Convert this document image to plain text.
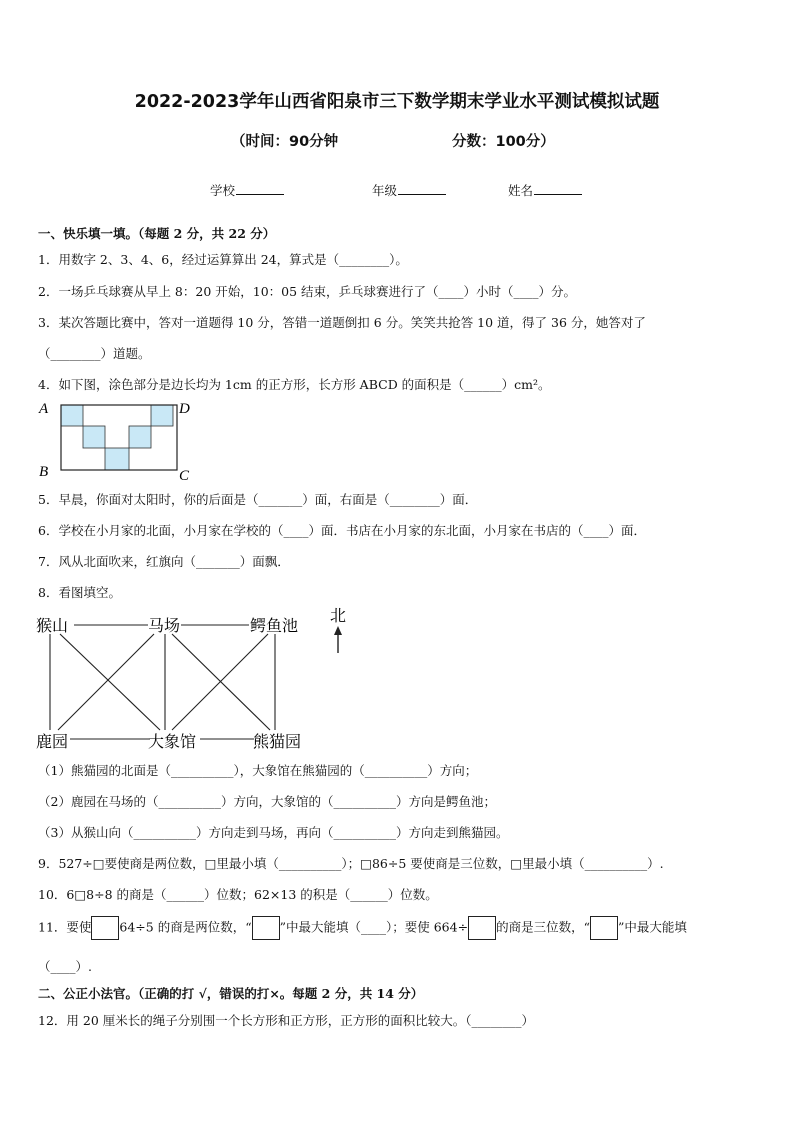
2022-2023学年山西省阳泉市三下数学期末学业水平测试模拟试题
（时间：90分钟	分数：100分）
学校	年级	姓名
一、快乐填一填。（每题 2 分，共 22 分）
1．用数字 2、3、4、6，经过运算算出 24，算式是（________）。
2．一场乒乓球赛从早上 8：20 开始，10：05 结束，乒乓球赛进行了（____）小时（____）分。
3．某次答题比赛中，答对一道题得 10 分，答错一道题倒扣 6 分。笑笑共抢答 10 道，得了 36 分，她答对了
（________）道题。
4．如下图，涂色部分是边长均为 1cm 的正方形，长方形 ABCD 的面积是（______）cm²。
A	D
B	C
5．早晨，你面对太阳时，你的后面是（_______）面，右面是（________）面．
6．学校在小月家的北面，小月家在学校的（____）面．书店在小月家的东北面，小月家在书店的（____）面．
7．风从北面吹来，红旗向（_______）面飘．
8．看图填空。
猴山	马场	鳄鱼池
鹿园	大象馆	熊猫园
北
（1）熊猫园的北面是（__________），大象馆在熊猫园的（__________）方向；
（2）鹿园在马场的（__________）方向，大象馆的（__________）方向是鳄鱼池；
（3）从猴山向（__________）方向走到马场，再向（__________）方向走到熊猫园。
9．527÷□要使商是两位数，□里最小填（__________）；□86÷5 要使商是三位数，□里最小填（__________）.
10．6□8÷8 的商是（______）位数；62×13 的积是（______）位数。
11．要使 64÷5 的商是两位数，“ ”中最大能填（____）；要使 664÷ 的商是三位数，“ ”中最大能填
（____）.
二、公正小法官。（正确的打 √，错误的打×。每题 2 分，共 14 分）
12．用 20 厘米长的绳子分别围一个长方形和正方形，正方形的面积比较大。（________）
